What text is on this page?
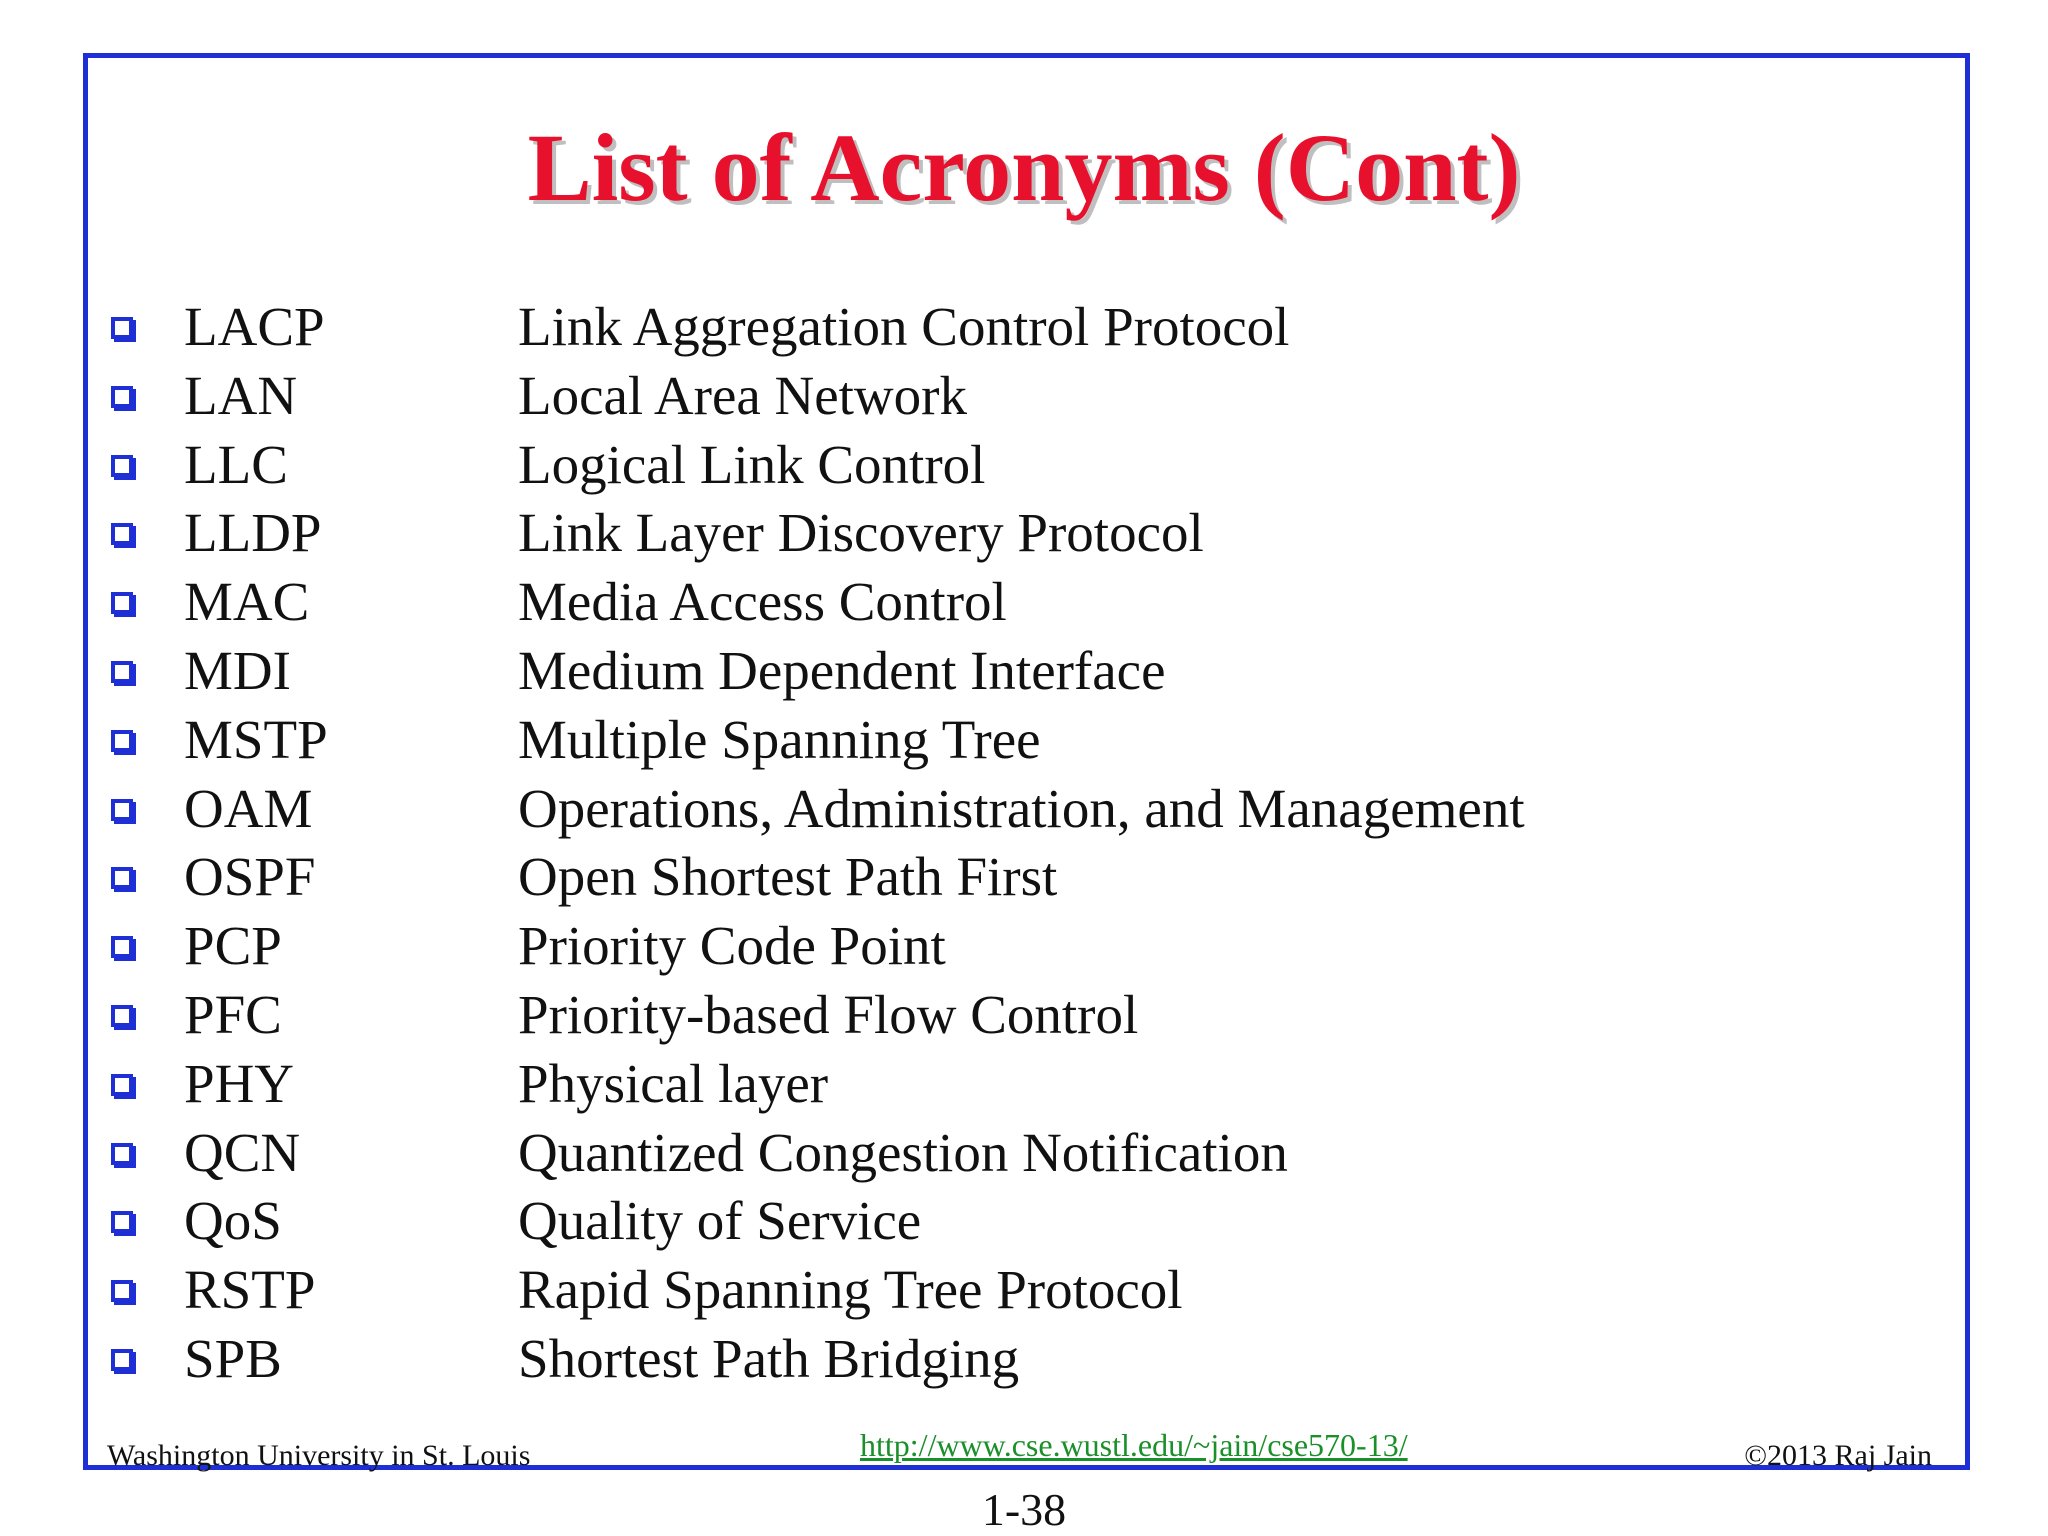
List of Acronyms (Cont)
LACP	Link Aggregation Control Protocol
LAN	Local Area Network
LLC	Logical Link Control
LLDP	Link Layer Discovery Protocol
MAC	Media Access Control
MDI	Medium Dependent Interface
MSTP	Multiple Spanning Tree
OAM	Operations, Administration, and Management
OSPF	Open Shortest Path First
PCP	Priority Code Point
PFC	Priority-based Flow Control
PHY	Physical layer
QCN	Quantized Congestion Notification
QoS	Quality of Service
RSTP	Rapid Spanning Tree Protocol
SPB	Shortest Path Bridging
Washington University in St. Louis	http://www.cse.wustl.edu/~jain/cse570-13/	©2013 Raj Jain
1-38
